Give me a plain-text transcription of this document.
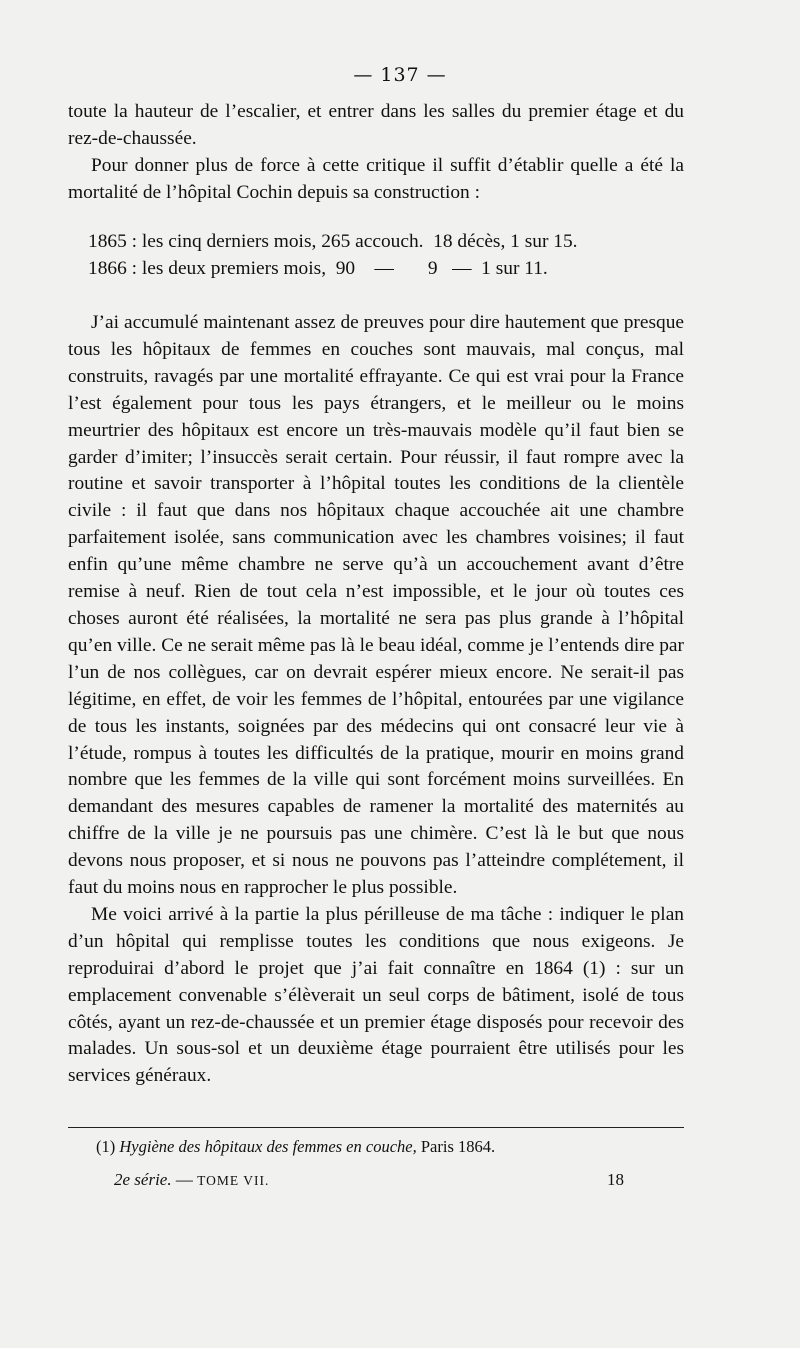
— 137 —

toute la hauteur de l’escalier, et entrer dans les salles du premier étage et du rez-de-chaussée.

Pour donner plus de force à cette critique il suffit d’établir quelle a été la mortalité de l’hôpital Cochin depuis sa construction :

1865 : les cinq derniers mois, 265 accouch.  18 décès, 1 sur 15.
1866 : les deux premiers mois,  90    —       9   —  1 sur 11.

J’ai accumulé maintenant assez de preuves pour dire hautement que presque tous les hôpitaux de femmes en couches sont mauvais, mal conçus, mal construits, ravagés par une mortalité effrayante. Ce qui est vrai pour la France l’est également pour tous les pays étrangers, et le meilleur ou le moins meurtrier des hôpitaux est encore un très-mauvais modèle qu’il faut bien se garder d’imiter; l’insuccès serait certain. Pour réussir, il faut rompre avec la routine et savoir transporter à l’hôpital toutes les conditions de la clientèle civile : il faut que dans nos hôpitaux chaque accouchée ait une chambre parfaitement isolée, sans communication avec les chambres voisines; il faut enfin qu’une même chambre ne serve qu’à un accouchement avant d’être remise à neuf. Rien de tout cela n’est impossible, et le jour où toutes ces choses auront été réalisées, la mortalité ne sera pas plus grande à l’hôpital qu’en ville. Ce ne serait même pas là le beau idéal, comme je l’entends dire par l’un de nos collègues, car on devrait espérer mieux encore. Ne serait-il pas légitime, en effet, de voir les femmes de l’hôpital, entourées par une vigilance de tous les instants, soignées par des médecins qui ont consacré leur vie à l’étude, rompus à toutes les difficultés de la pratique, mourir en moins grand nombre que les femmes de la ville qui sont forcément moins surveillées. En demandant des mesures capables de ramener la mortalité des maternités au chiffre de la ville je ne poursuis pas une chimère. C’est là le but que nous devons nous proposer, et si nous ne pouvons pas l’atteindre complétement, il faut du moins nous en rapprocher le plus possible.

Me voici arrivé à la partie la plus périlleuse de ma tâche : indiquer le plan d’un hôpital qui remplisse toutes les conditions que nous exigeons. Je reproduirai d’abord le projet que j’ai fait connaître en 1864 (1) : sur un emplacement convenable s’élèverait un seul corps de bâtiment, isolé de tous côtés, ayant un rez-de-chaussée et un premier étage disposés pour recevoir des malades. Un sous-sol et un deuxième étage pourraient être utilisés pour les services généraux.

(1) Hygiène des hôpitaux des femmes en couche, Paris 1864.
2e série. — TOME VII.	18
